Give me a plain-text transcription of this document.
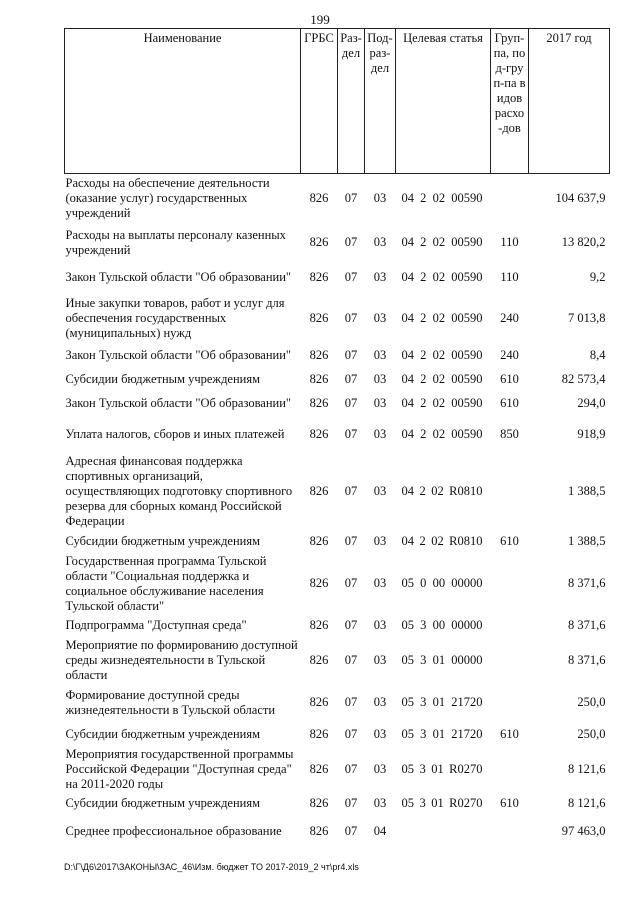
199
Наименование	ГРБС	Раз-дел	Под-раз-дел	Целевая статья	Груп-па, под-груп-па видов расхо-дов	2017 год
Расходы на обеспечение деятельности (оказание услуг) государственных учреждений	826	07	03	04 2 02 00590		104 637,9
Расходы на выплаты персоналу казенных учреждений	826	07	03	04 2 02 00590	110	13 820,2
Закон Тульской области "Об образовании"	826	07	03	04 2 02 00590	110	9,2
Иные закупки товаров, работ и услуг для обеспечения государственных (муниципальных) нужд	826	07	03	04 2 02 00590	240	7 013,8
Закон Тульской области "Об образовании"	826	07	03	04 2 02 00590	240	8,4
Субсидии бюджетным учреждениям	826	07	03	04 2 02 00590	610	82 573,4
Закон Тульской области "Об образовании"	826	07	03	04 2 02 00590	610	294,0
Уплата налогов, сборов и иных платежей	826	07	03	04 2 02 00590	850	918,9
Адресная финансовая поддержка спортивных организаций, осуществляющих подготовку спортивного резерва для сборных команд Российской Федерации	826	07	03	04 2 02 R0810		1 388,5
Субсидии бюджетным учреждениям	826	07	03	04 2 02 R0810	610	1 388,5
Государственная программа Тульской области "Социальная поддержка и социальное обслуживание населения Тульской области"	826	07	03	05 0 00 00000		8 371,6
Подпрограмма "Доступная среда"	826	07	03	05 3 00 00000		8 371,6
Мероприятие по формированию доступной среды жизнедеятельности в Тульской области	826	07	03	05 3 01 00000		8 371,6
Формирование доступной среды жизнедеятельности в Тульской области	826	07	03	05 3 01 21720		250,0
Субсидии бюджетным учреждениям	826	07	03	05 3 01 21720	610	250,0
Мероприятия государственной программы Российской Федерации "Доступная среда" на 2011-2020 годы	826	07	03	05 3 01 R0270		8 121,6
Субсидии бюджетным учреждениям	826	07	03	05 3 01 R0270	610	8 121,6
Среднее профессиональное образование	826	07	04			97 463,0
D:\Г\Д6\2017\ЗАКОНЫ\ЗАС_46\Изм. бюджет ТО 2017-2019_2 чт\pr4.xls
